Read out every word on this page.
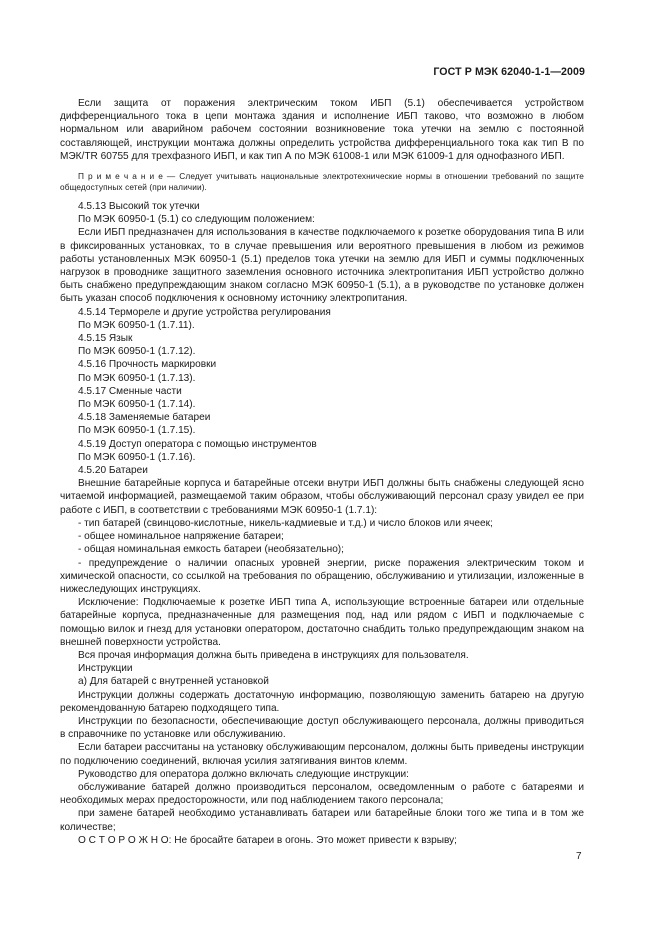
ГОСТ Р МЭК 62040-1-1—2009

Если защита от поражения электрическим током ИБП (5.1) обеспечивается устройством дифференциального тока в цепи монтажа здания и исполнение ИБП таково, что возможно в любом нормальном или аварийном рабочем состоянии возникновение тока утечки на землю с постоянной составляющей, инструкции монтажа должны определить устройства дифференциального тока как тип В по МЭК/TR 60755 для трехфазного ИБП, и как тип А по МЭК 61008-1 или МЭК 61009-1 для однофазного ИБП.

П р и м е ч а н и е — Следует учитывать национальные электротехнические нормы в отношении требований по защите общедоступных сетей (при наличии).

4.5.13 Высокий ток утечки

По МЭК 60950-1 (5.1) со следующим положением:

Если ИБП предназначен для использования в качестве подключаемого к розетке оборудования типа В или в фиксированных установках, то в случае превышения или вероятного превышения в любом из режимов работы установленных МЭК 60950-1 (5.1) пределов тока утечки на землю для ИБП и суммы подключенных нагрузок в проводнике защитного заземления основного источника электропитания ИБП устройство должно быть снабжено предупреждающим знаком согласно МЭК 60950-1 (5.1), а в руководстве по установке должен быть указан способ подключения к основному источнику электропитания.

4.5.14 Термореле и другие устройства регулирования

По МЭК 60950-1 (1.7.11).

4.5.15 Язык

По МЭК 60950-1 (1.7.12).

4.5.16 Прочность маркировки

По МЭК 60950-1 (1.7.13).

4.5.17 Сменные части

По МЭК 60950-1 (1.7.14).

4.5.18 Заменяемые батареи

По МЭК 60950-1 (1.7.15).

4.5.19 Доступ оператора с помощью инструментов

По МЭК 60950-1 (1.7.16).

4.5.20 Батареи

Внешние батарейные корпуса и батарейные отсеки внутри ИБП должны быть снабжены следующей ясно читаемой информацией, размещаемой таким образом, чтобы обслуживающий персонал сразу увидел ее при работе с ИБП, в соответствии с требованиями МЭК 60950-1 (1.7.1):

- тип батарей (свинцово-кислотные, никель-кадмиевые и т.д.) и число блоков или ячеек;

- общее номинальное напряжение батареи;

- общая номинальная емкость батареи (необязательно);

- предупреждение о наличии опасных уровней энергии, риске поражения электрическим током и химической опасности, со ссылкой на требования по обращению, обслуживанию и утилизации, изложенные в нижеследующих инструкциях.

Исключение: Подключаемые к розетке ИБП типа А, использующие встроенные батареи или отдельные батарейные корпуса, предназначенные для размещения под, над или рядом с ИБП и подключаемые с помощью вилок и гнезд для установки оператором, достаточно снабдить только предупреждающим знаком на внешней поверхности устройства.

Вся прочая информация должна быть приведена в инструкциях для пользователя.

Инструкции

а) Для батарей с внутренней установкой

Инструкции должны содержать достаточную информацию, позволяющую заменить батарею на другую рекомендованную батарею подходящего типа.

Инструкции по безопасности, обеспечивающие доступ обслуживающего персонала, должны приводиться в справочнике по установке или обслуживанию.

Если батареи рассчитаны на установку обслуживающим персоналом, должны быть приведены инструкции по подключению соединений, включая усилия затягивания винтов клемм.

Руководство для оператора должно включать следующие инструкции:

обслуживание батарей должно производиться персоналом, осведомленным о работе с батареями и необходимых мерах предосторожности, или под наблюдением такого персонала;

при замене батарей необходимо устанавливать батареи или батарейные блоки того же типа и в том же количестве;

О С Т О Р О Ж Н О: Не бросайте батареи в огонь. Это может привести к взрыву;

7
